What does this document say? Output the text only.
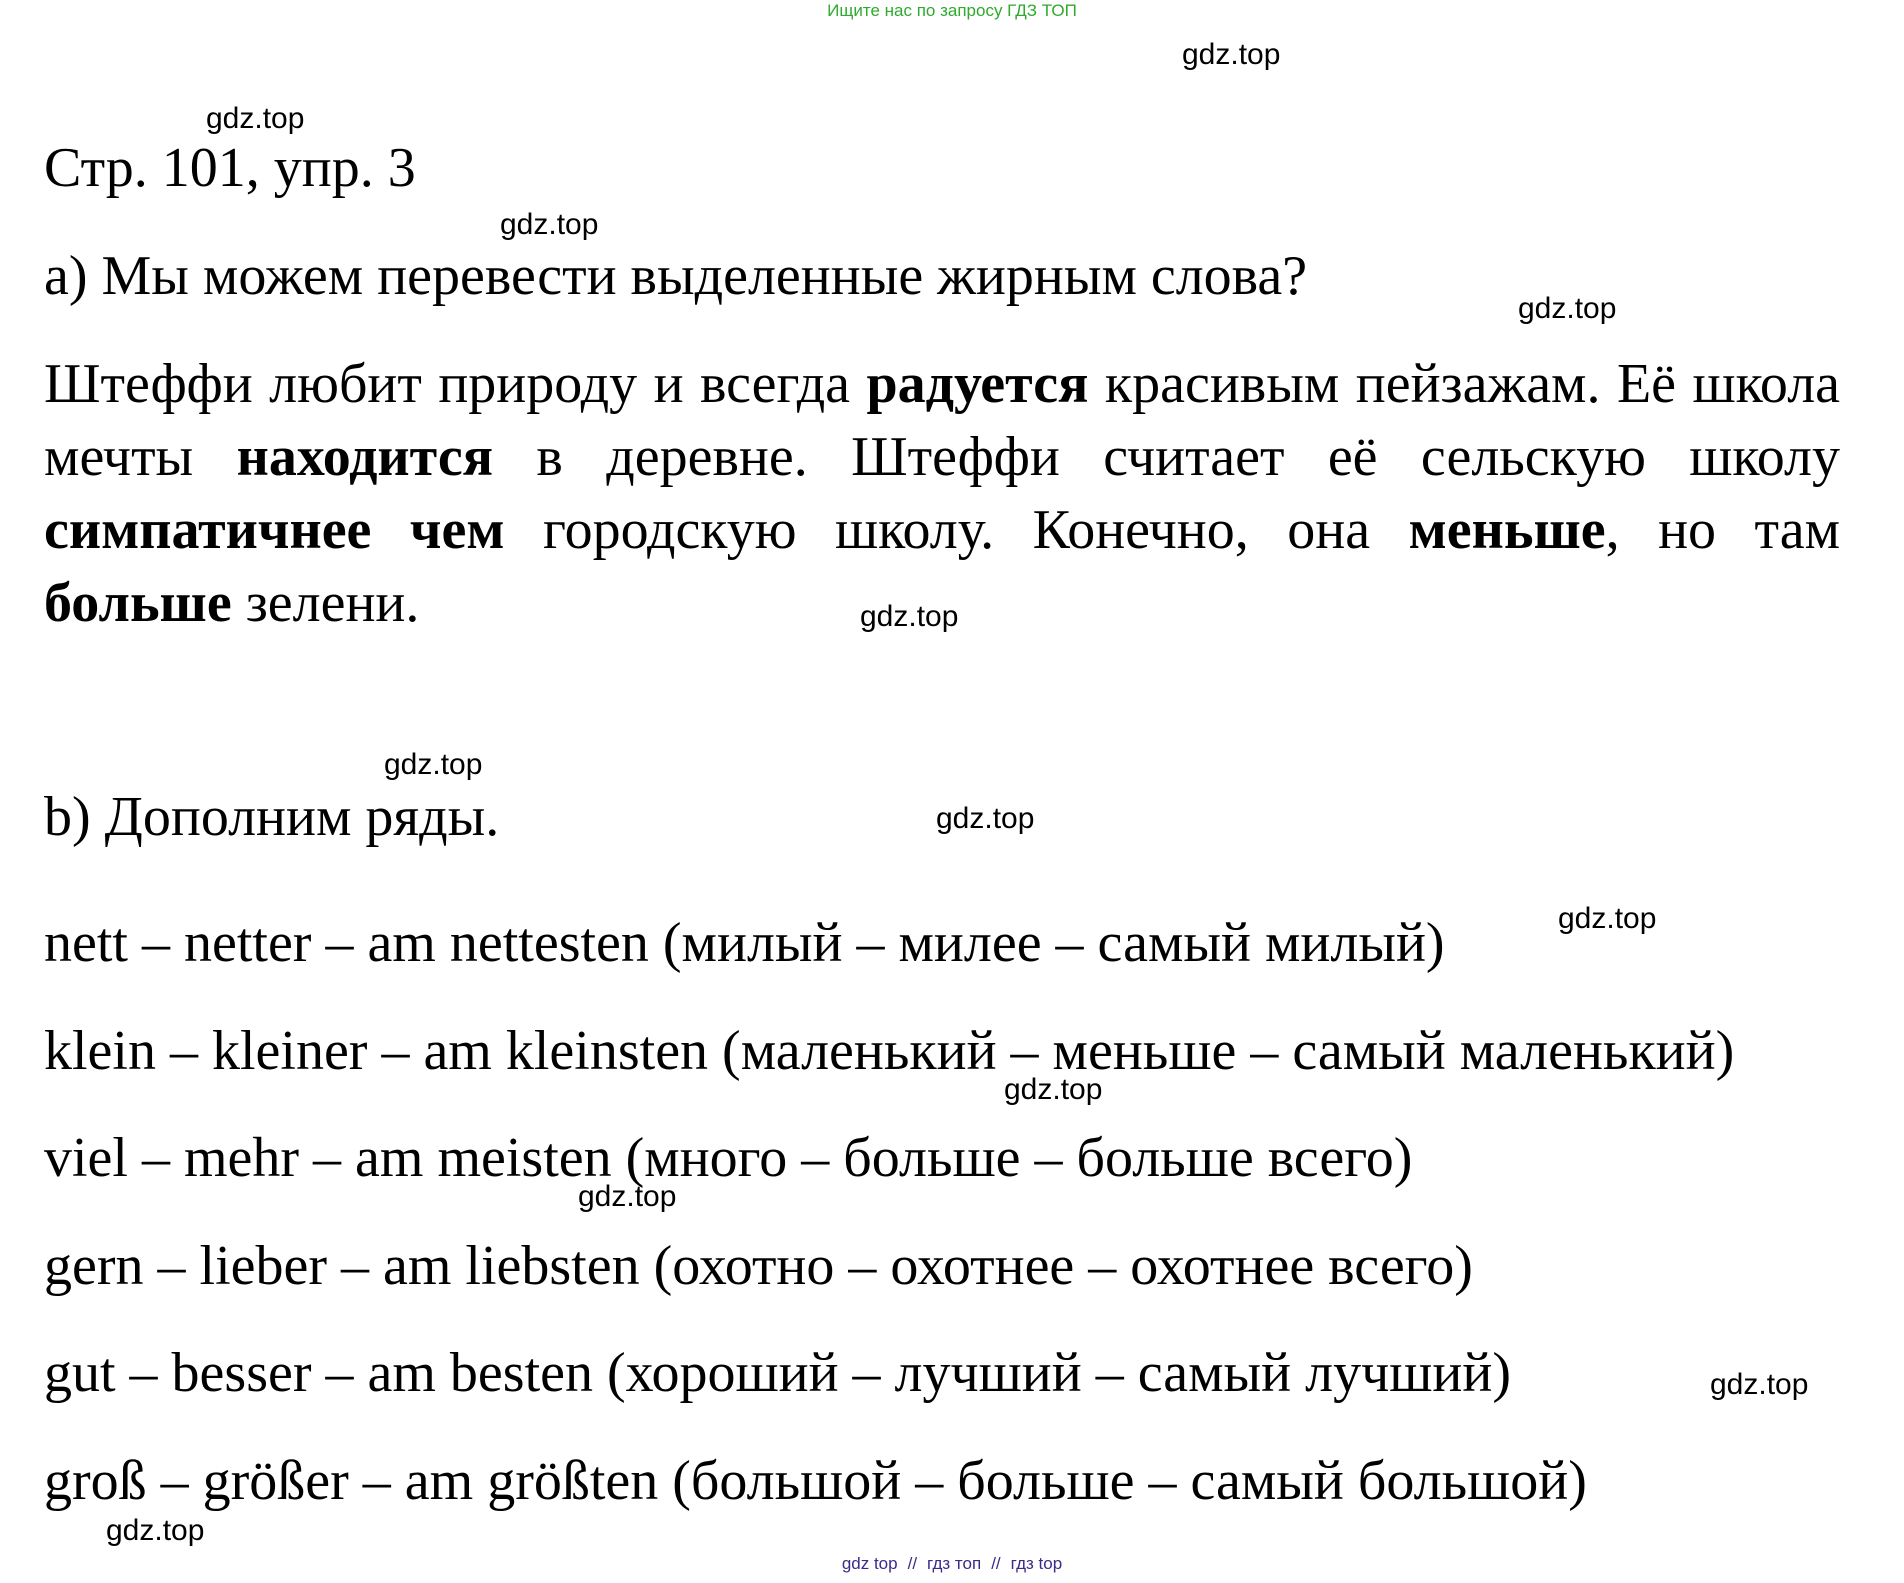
Ищите нас по запросу ГДЗ ТОП
Стр. 101, упр. 3
a) Мы можем перевести выделенные жирным слова?
Штеффи любит природу и всегда радуется красивым пейзажам. Её школа мечты находится в деревне. Штеффи считает её сельскую школу симпатичнее чем городскую школу. Конечно, она меньше, но там больше зелени.
b) Дополним ряды.
nett – netter – am nettesten (милый – милее – самый милый)
klein – kleiner – am kleinsten (маленький – меньше – самый маленький)
viel – mehr – am meisten (много – больше – больше всего)
gern – lieber – am liebsten (охотно – охотнее – охотнее всего)
gut – besser – am besten (хороший – лучший – самый лучший)
groß – größer – am größten (большой – больше – самый большой)
gdz.top
gdz.top
gdz.top
gdz.top
gdz.top
gdz.top
gdz.top
gdz.top
gdz.top
gdz.top
gdz.top
gdz.top
gdz top // гдз топ // гдз top
